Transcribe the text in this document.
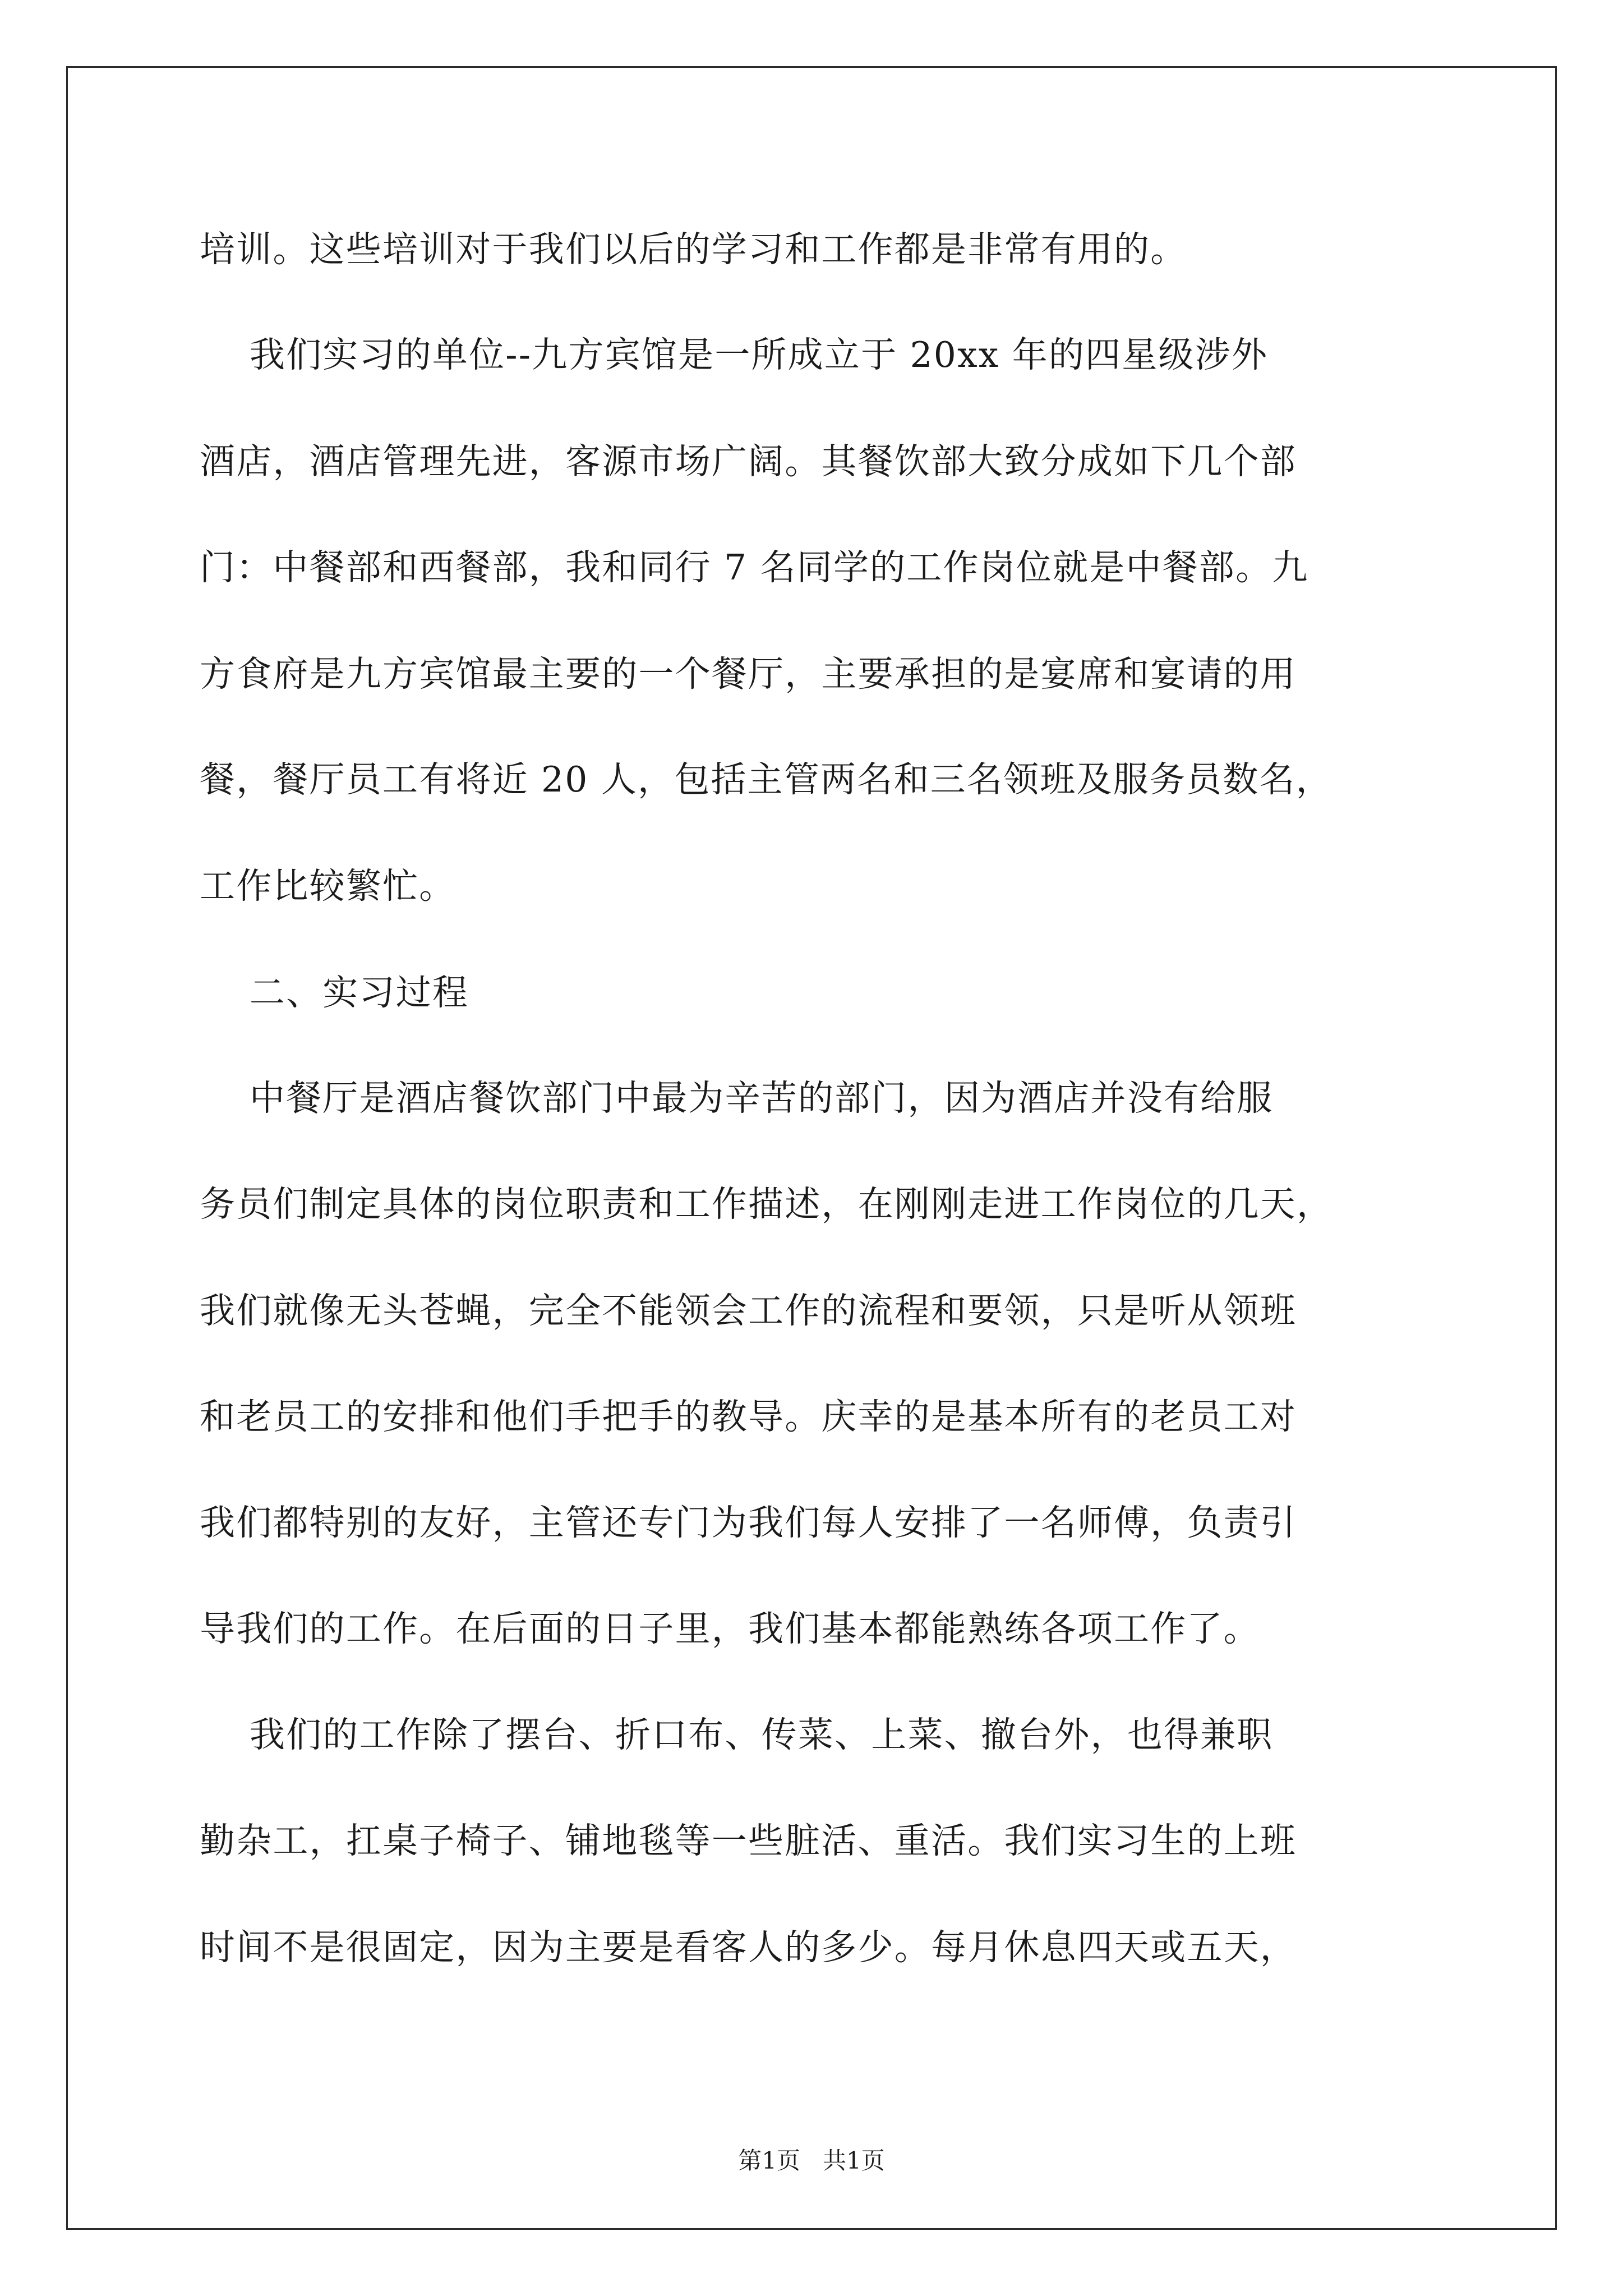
培训。这些培训对于我们以后的学习和工作都是非常有用的。
我们实习的单位--九方宾馆是一所成立于 20xx 年的四星级涉外
酒店，酒店管理先进，客源市场广阔。其餐饮部大致分成如下几个部
门：中餐部和西餐部，我和同行 7 名同学的工作岗位就是中餐部。九
方食府是九方宾馆最主要的一个餐厅，主要承担的是宴席和宴请的用
餐，餐厅员工有将近 20 人，包括主管两名和三名领班及服务员数名，
工作比较繁忙。
二、实习过程
中餐厅是酒店餐饮部门中最为辛苦的部门，因为酒店并没有给服
务员们制定具体的岗位职责和工作描述，在刚刚走进工作岗位的几天，
我们就像无头苍蝇，完全不能领会工作的流程和要领，只是听从领班
和老员工的安排和他们手把手的教导。庆幸的是基本所有的老员工对
我们都特别的友好，主管还专门为我们每人安排了一名师傅，负责引
导我们的工作。在后面的日子里，我们基本都能熟练各项工作了。
我们的工作除了摆台、折口布、传菜、上菜、撤台外，也得兼职
勤杂工，扛桌子椅子、铺地毯等一些脏活、重活。我们实习生的上班
时间不是很固定，因为主要是看客人的多少。每月休息四天或五天，
第1页   共1页
